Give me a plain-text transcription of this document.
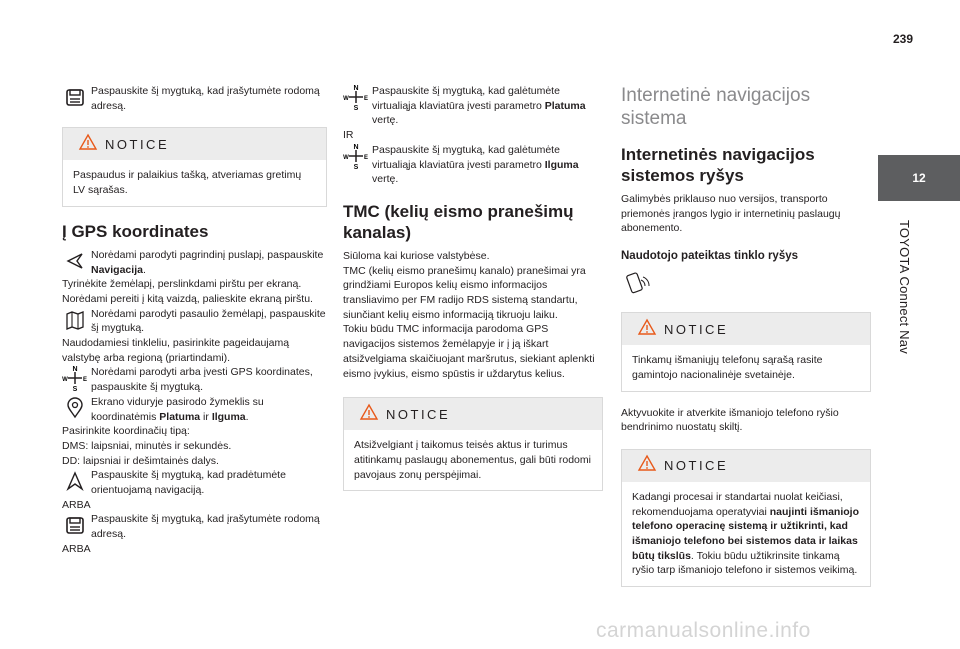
239
12
TOYOTA Connect Nav
Paspauskite šį mygtuką, kad įrašytumėte rodomą adresą.
NOTICE
Paspaudus ir palaikius tašką, atveriamas gretimų LV sąrašas.
Į GPS koordinates
Norėdami parodyti pagrindinį puslapį, paspauskite Navigacija.
Tyrinėkite žemėlapį, perslinkdami pirštu per ekraną.
Norėdami pereiti į kitą vaizdą, palieskite ekraną pirštu.
Norėdami parodyti pasaulio žemėlapį, paspauskite šį mygtuką.
Naudodamiesi tinkleliu, pasirinkite pageidaujamą valstybę arba regioną (priartindami).
N
S
W	E
Norėdami parodyti arba įvesti GPS koordinates, paspauskite šį mygtuką.
Ekrano viduryje pasirodo žymeklis su koordinatėmis Platuma ir Ilguma.
Pasirinkite koordinačių tipą:
DMS: laipsniai, minutės ir sekundės.
DD: laipsniai ir dešimtainės dalys.
Paspauskite šį mygtuką, kad pradėtumėte orientuojamą navigaciją.
ARBA
Paspauskite šį mygtuką, kad įrašytumėte rodomą adresą.
ARBA
N
S
W	E
Paspauskite šį mygtuką, kad galėtumėte virtualiąja klaviatūra įvesti parametro Platuma vertę.
IR
N
S
W	E
Paspauskite šį mygtuką, kad galėtumėte virtualiąja klaviatūra įvesti parametro Ilguma vertę.
TMC (kelių eismo pranešimų kanalas)
Siūloma kai kuriose valstybėse.
TMC (kelių eismo pranešimų kanalo) pranešimai yra grindžiami Europos kelių eismo informacijos transliavimo per FM radijo RDS sistemą standartu, siunčiant kelių eismo informaciją tikruoju laiku.
Tokiu būdu TMC informacija parodoma GPS navigacijos sistemos žemėlapyje ir į ją iškart atsižvelgiama skaičiuojant maršrutus, siekiant aplenkti eismo įvykius, eismo spūstis ir uždarytus kelius.
NOTICE
Atsižvelgiant į taikomus teisės aktus ir turimus atitinkamų paslaugų abonementus, gali būti rodomi pavojaus zonų perspėjimai.
Internetinė navigacijos sistema
Internetinės navigacijos sistemos ryšys
Galimybės priklauso nuo versijos, transporto priemonės įrangos lygio ir internetinių paslaugų abonemento.
Naudotojo pateiktas tinklo ryšys
NOTICE
Tinkamų išmaniųjų telefonų sąrašą rasite gamintojo nacionalinėje svetainėje.
Aktyvuokite ir atverkite išmaniojo telefono ryšio bendrinimo nuostatų skiltį.
NOTICE
Kadangi procesai ir standartai nuolat keičiasi, rekomenduojama operatyviai naujinti išmaniojo telefono operacinę sistemą ir užtikrinti, kad išmaniojo telefono bei sistemos data ir laikas būtų tikslūs. Tokiu būdu užtikrinsite tinkamą ryšio tarp išmaniojo telefono ir sistemos veikimą.
carmanualsonline.info
